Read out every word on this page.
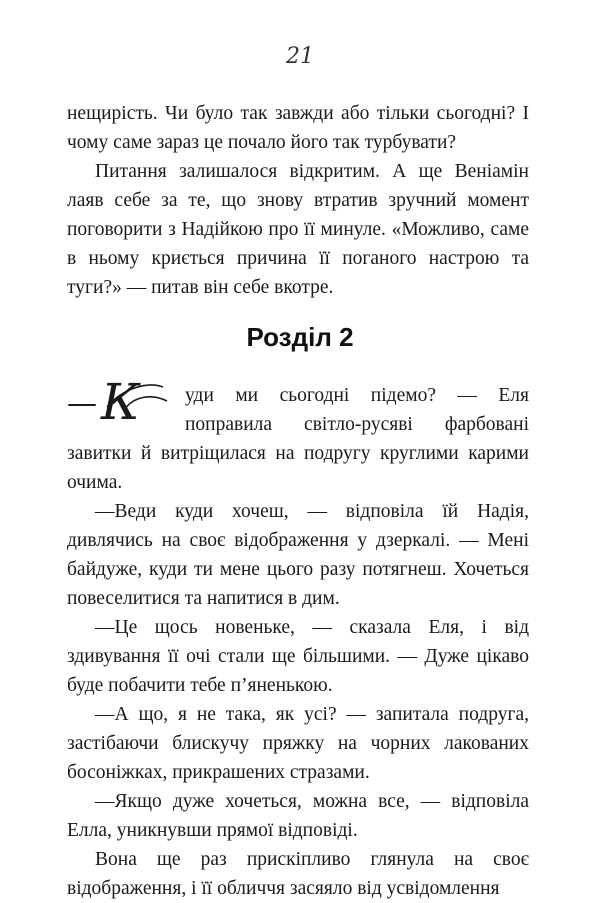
21

нещирість. Чи було так завжди або тільки сьогодні? І чому саме зараз це почало його так турбувати?

Питання залишалося відкритим. А ще Веніамін лаяв себе за те, що знову втратив зручний момент поговорити з Надійкою про її минуле. «Можливо, саме в ньому криється причина її поганого настрою та туги?» — питав він себе вкотре.

Розділ 2
— К	уди ми сьогодні підемо? — Еля поправила світло-русяві фарбовані завитки й витріщилася на подругу круглими карими очима.

—Веди куди хочеш, — відповіла їй Надія, дивлячись на своє відображення у дзеркалі. — Мені байдуже, куди ти мене цього разу потягнеш. Хочеться повеселитися та напитися в дим.

—Це щось новеньке, — сказала Еля, і від здивування її очі стали ще більшими. — Дуже цікаво буде побачити тебе п’яненькою.

—А що, я не така, як усі? — запитала подруга, застібаючи блискучу пряжку на чорних лакованих босоніжках, прикрашених стразами.

—Якщо дуже хочеться, можна все, — відповіла Елла, уникнувши прямої відповіді.

Вона ще раз прискіпливо глянула на своє відображення, і її обличчя засяяло від усвідомлення
